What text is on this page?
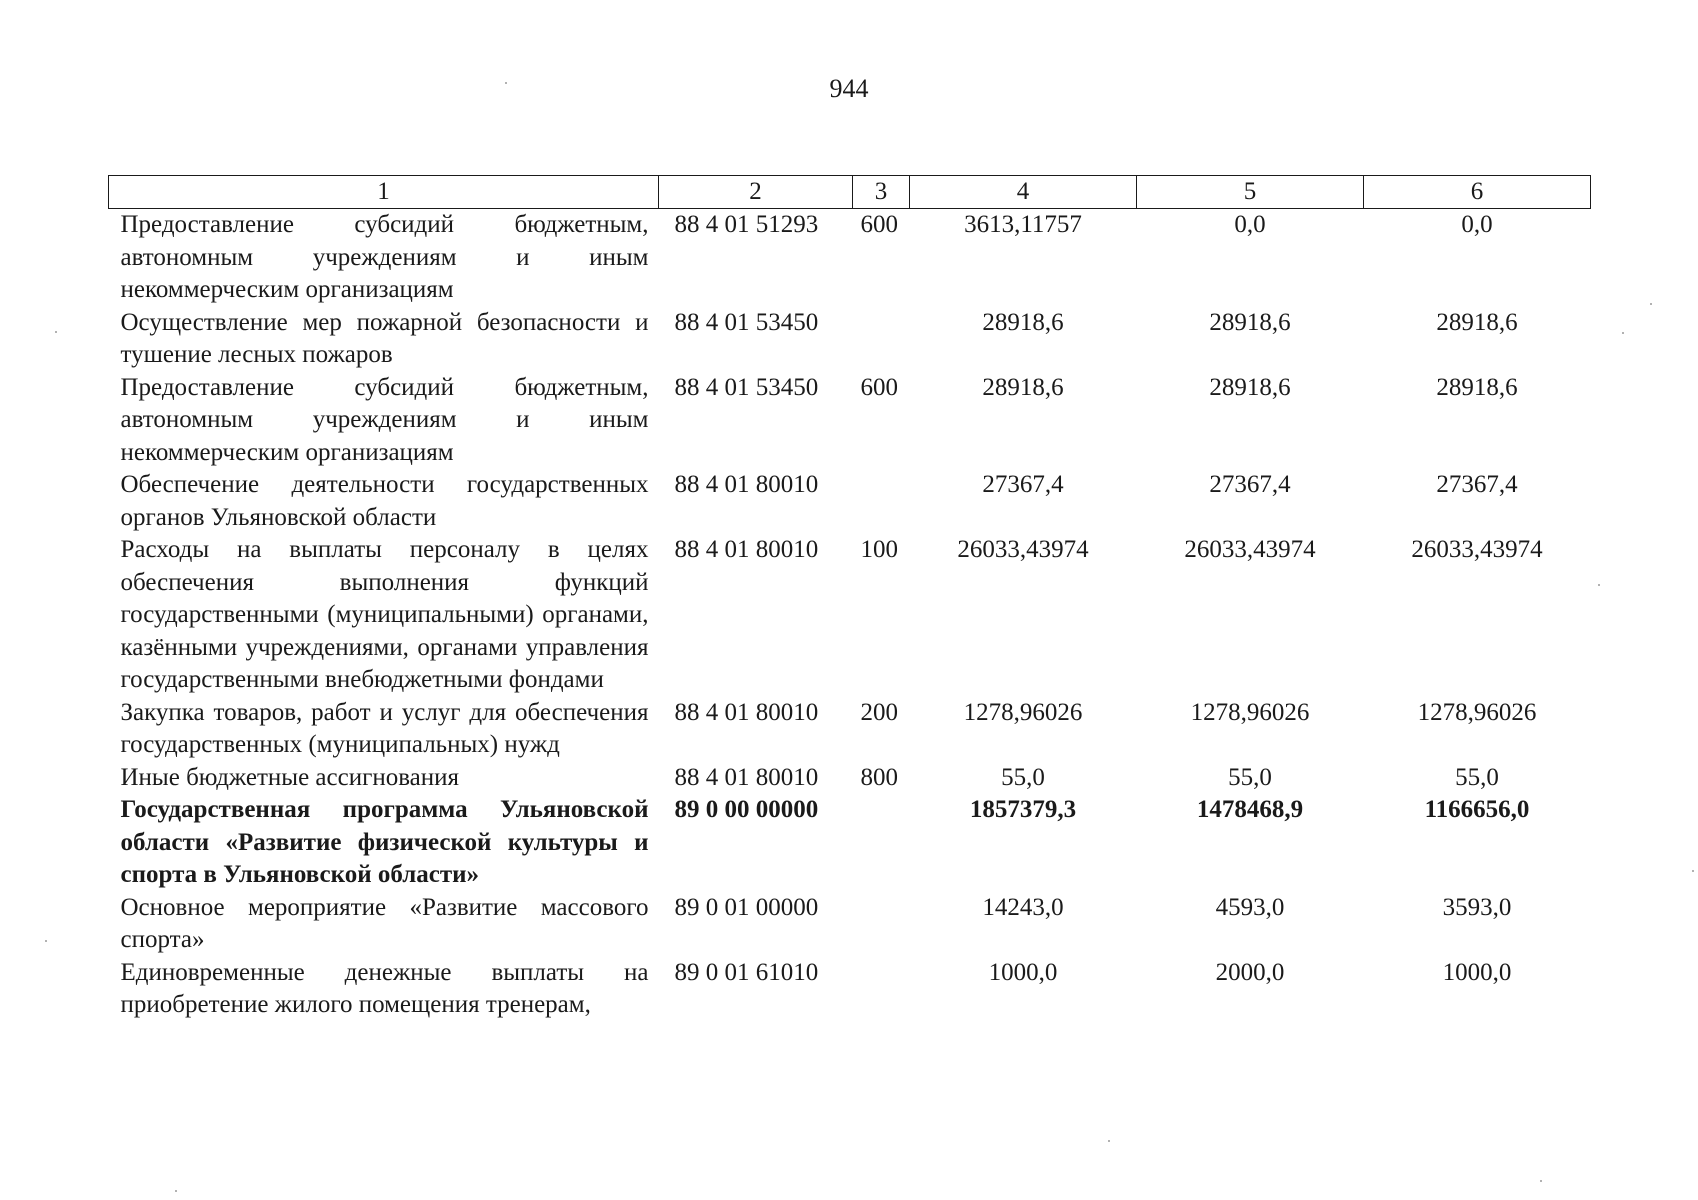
944
1	2	3	4	5	6
Предоставление субсидий бюджетным, автономным учреждениям и иным некоммерческим организациям	88 4 01 51293	600	3613,11757	0,0	0,0
Осуществление мер пожарной безопасности и тушение лесных пожаров	88 4 01 53450		28918,6	28918,6	28918,6
Предоставление субсидий бюджетным, автономным учреждениям и иным некоммерческим организациям	88 4 01 53450	600	28918,6	28918,6	28918,6
Обеспечение деятельности государственных органов Ульяновской области	88 4 01 80010		27367,4	27367,4	27367,4
Расходы на выплаты персоналу в целях обеспечения выполнения функций государственными (муниципальными) органами, казёнными учреждениями, органами управления государственными внебюджетными фондами	88 4 01 80010	100	26033,43974	26033,43974	26033,43974
Закупка товаров, работ и услуг для обеспечения государственных (муниципальных) нужд	88 4 01 80010	200	1278,96026	1278,96026	1278,96026
Иные бюджетные ассигнования	88 4 01 80010	800	55,0	55,0	55,0
Государственная программа Ульяновской области «Развитие физической культуры и спорта в Ульяновской области»	89 0 00 00000		1857379,3	1478468,9	1166656,0
Основное мероприятие «Развитие массового спорта»	89 0 01 00000		14243,0	4593,0	3593,0
Единовременные денежные выплаты на приобретение жилого помещения тренерам,	89 0 01 61010		1000,0	2000,0	1000,0
